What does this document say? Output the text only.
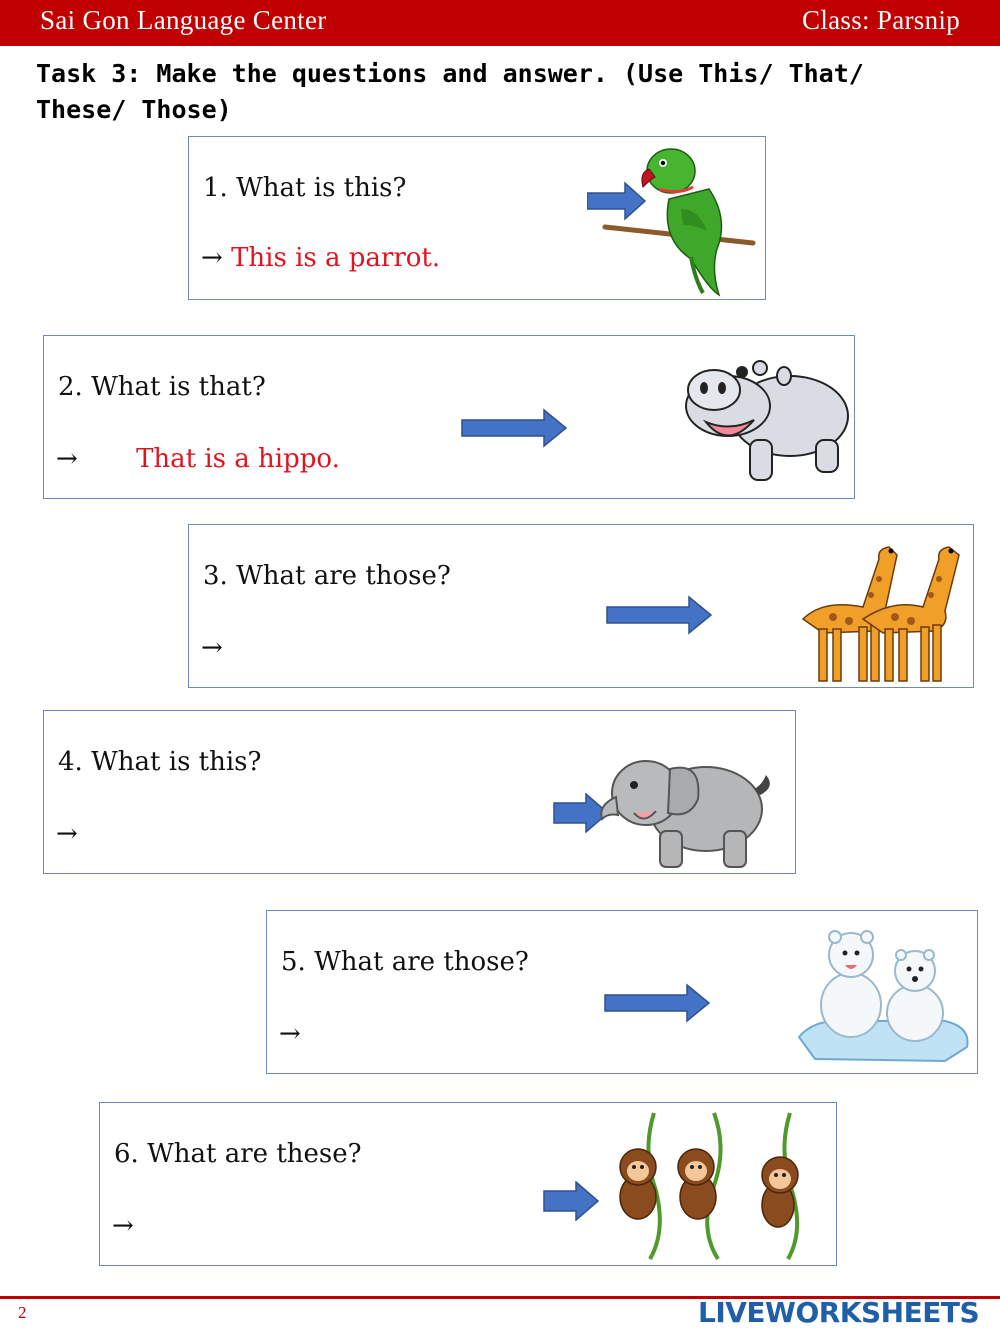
Sai Gon Language Center	Class: Parsnip
Task 3: Make the questions and answer. (Use This/ That/ These/ Those)
1. What is this?
→ This is a parrot.
2. What is that?
→ That is a hippo.
3. What are those?
→
4. What is this?
→
5. What are those?
→
6. What are these?
→
2	LIVEWORKSHEETS
